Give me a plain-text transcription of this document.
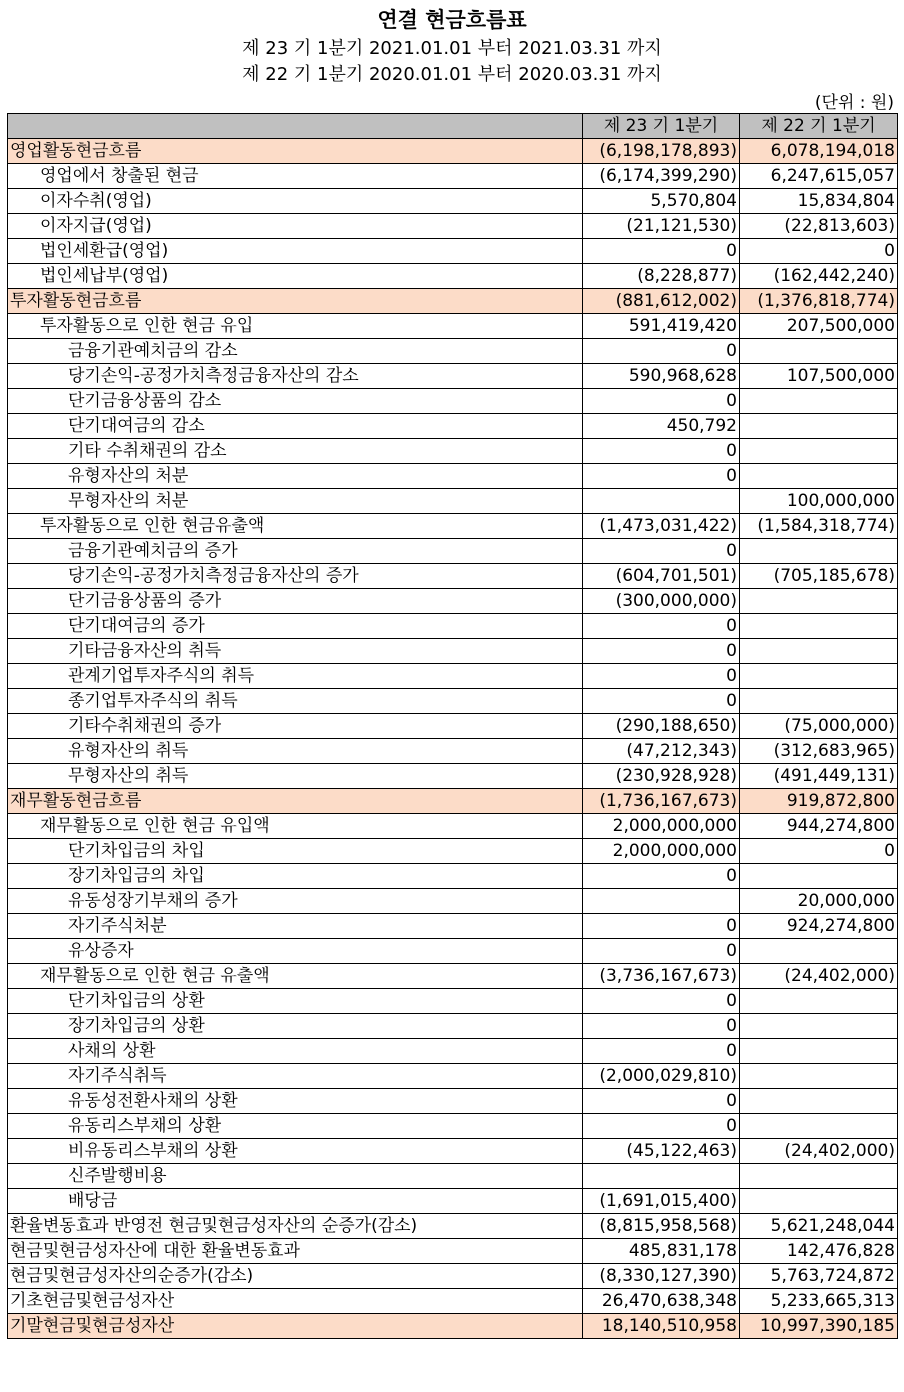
연결 현금흐름표
제 23 기 1분기 2021.01.01 부터 2021.03.31 까지
제 22 기 1분기 2020.01.01 부터 2020.03.31 까지
(단위 : 원)
	제 23 기 1분기	제 22 기 1분기
영업활동현금흐름	(6,198,178,893)	6,078,194,018
영업에서 창출된 현금	(6,174,399,290)	6,247,615,057
이자수취(영업)	5,570,804	15,834,804
이자지급(영업)	(21,121,530)	(22,813,603)
법인세환급(영업)	0	0
법인세납부(영업)	(8,228,877)	(162,442,240)
투자활동현금흐름	(881,612,002)	(1,376,818,774)
투자활동으로 인한 현금 유입	591,419,420	207,500,000
금융기관예치금의 감소	0	
당기손익-공정가치측정금융자산의 감소	590,968,628	107,500,000
단기금융상품의 감소	0	
단기대여금의 감소	450,792	
기타 수취채권의 감소	0	
유형자산의 처분	0	
무형자산의 처분		100,000,000
투자활동으로 인한 현금유출액	(1,473,031,422)	(1,584,318,774)
금융기관예치금의 증가	0	
당기손익-공정가치측정금융자산의 증가	(604,701,501)	(705,185,678)
단기금융상품의 증가	(300,000,000)	
단기대여금의 증가	0	
기타금융자산의 취득	0	
관계기업투자주식의 취득	0	
종기업투자주식의 취득	0	
기타수취채권의 증가	(290,188,650)	(75,000,000)
유형자산의 취득	(47,212,343)	(312,683,965)
무형자산의 취득	(230,928,928)	(491,449,131)
재무활동현금흐름	(1,736,167,673)	919,872,800
재무활동으로 인한 현금 유입액	2,000,000,000	944,274,800
단기차입금의 차입	2,000,000,000	0
장기차입금의 차입	0	
유동성장기부채의 증가		20,000,000
자기주식처분	0	924,274,800
유상증자	0	
재무활동으로 인한 현금 유출액	(3,736,167,673)	(24,402,000)
단기차입금의 상환	0	
장기차입금의 상환	0	
사채의 상환	0	
자기주식취득	(2,000,029,810)	
유동성전환사채의 상환	0	
유동리스부채의 상환	0	
비유동리스부채의 상환	(45,122,463)	(24,402,000)
신주발행비용		
배당금	(1,691,015,400)	
환율변동효과 반영전 현금및현금성자산의 순증가(감소)	(8,815,958,568)	5,621,248,044
현금및현금성자산에 대한 환율변동효과	485,831,178	142,476,828
현금및현금성자산의순증가(감소)	(8,330,127,390)	5,763,724,872
기초현금및현금성자산	26,470,638,348	5,233,665,313
기말현금및현금성자산	18,140,510,958	10,997,390,185
